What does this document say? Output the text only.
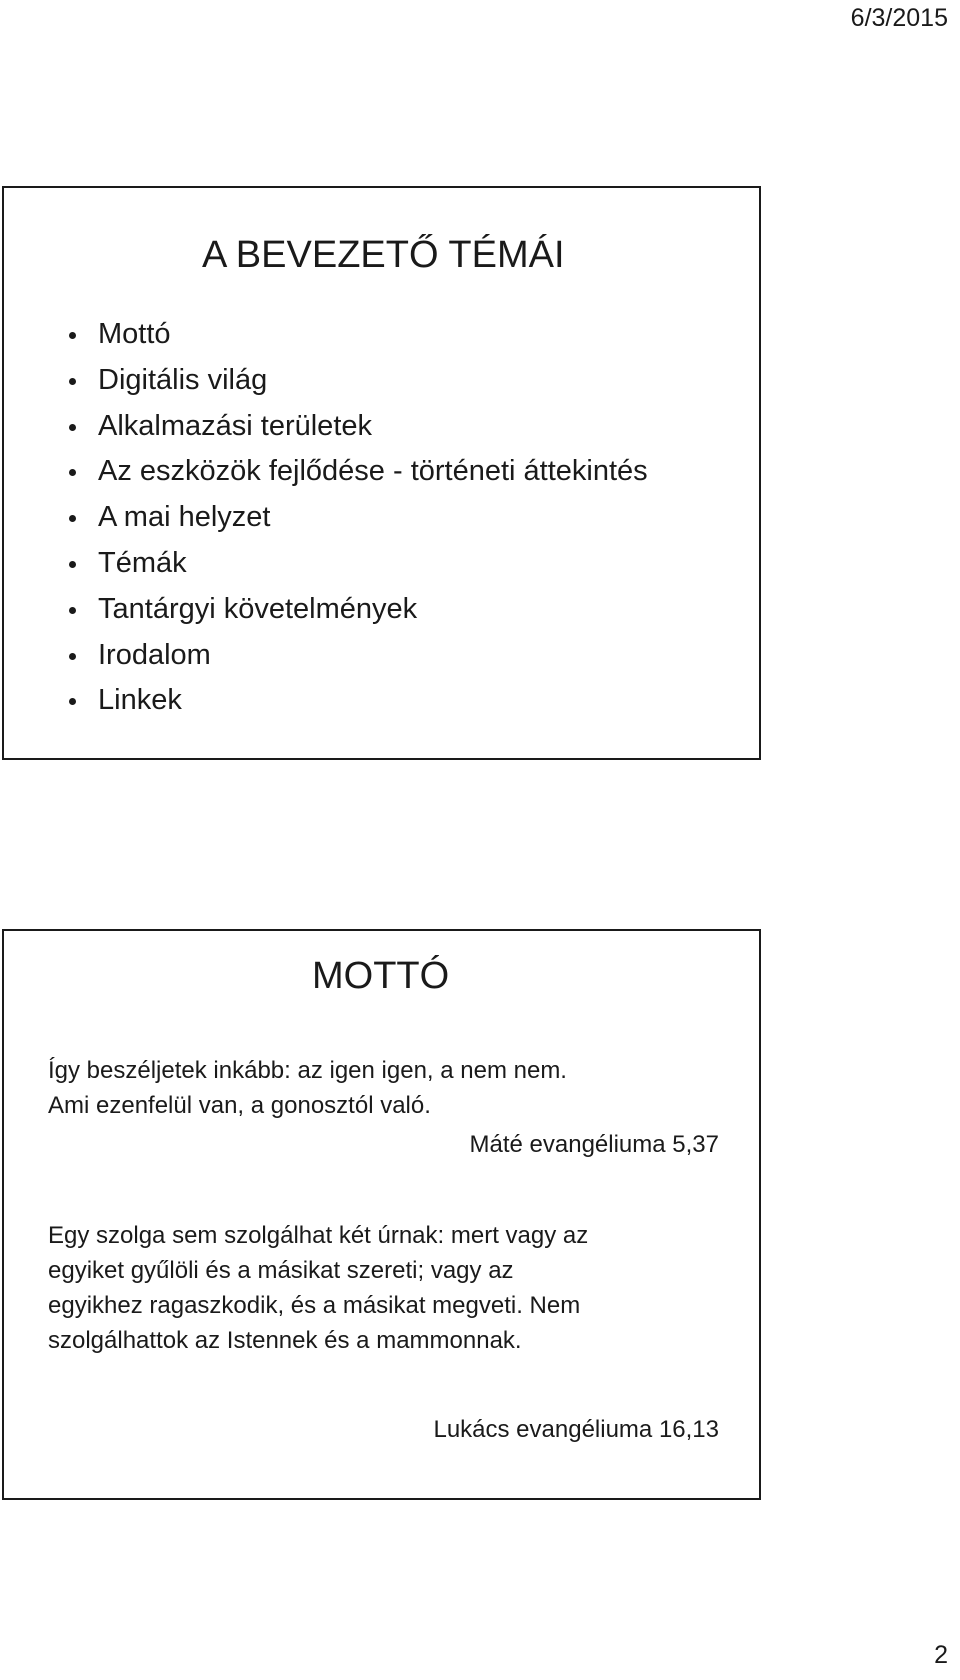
6/3/2015
A BEVEZETŐ TÉMÁI
Mottó
Digitális világ
Alkalmazási területek
Az eszközök fejlődése - történeti áttekintés
A mai helyzet
Témák
Tantárgyi követelmények
Irodalom
Linkek
MOTTÓ
Így beszéljetek inkább: az igen igen, a nem nem.
Ami ezenfelül van, a gonosztól való.
Máté evangéliuma 5,37
Egy szolga sem szolgálhat két úrnak: mert vagy az
egyiket gyűlöli és a másikat szereti; vagy az
egyikhez ragaszkodik, és a másikat megveti. Nem
szolgálhattok az Istennek és a mammonnak.
Lukács evangéliuma 16,13
2
